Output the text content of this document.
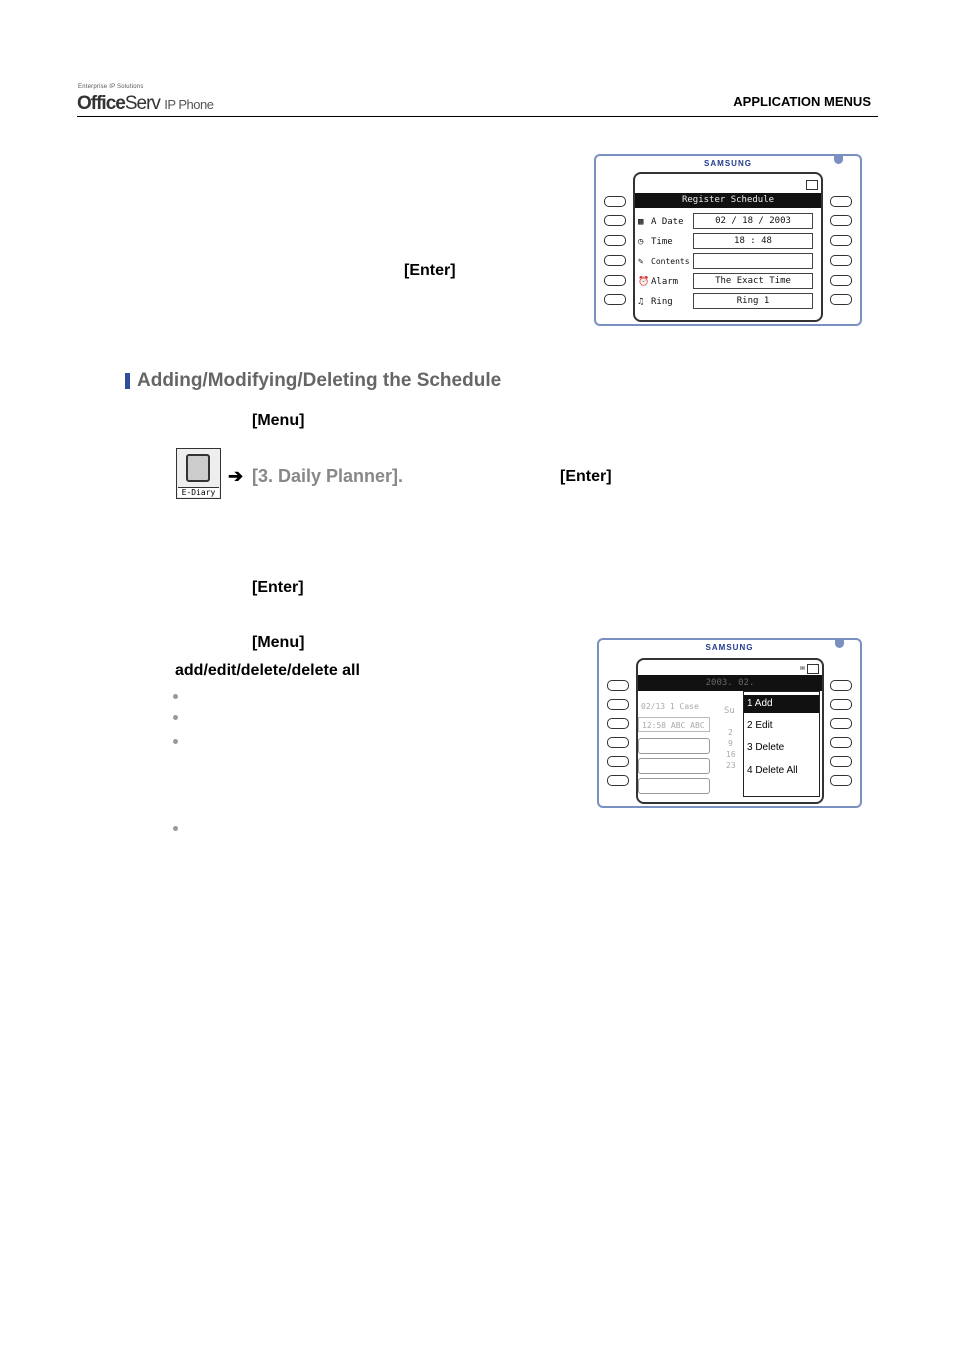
Enterprise IP Solutions
OfficeServ IP Phone	APPLICATION MENUS
[Enter]
SAMSUNG
Register Schedule
▩ A Date	02 / 18 / 2003
◷ Time	18 : 48
✎ Contents
⏰ Alarm	The Exact Time
♫ Ring	Ring 1
Adding/Modifying/Deleting the Schedule
[Menu]
E-Diary
➔ [3. Daily Planner].	[Enter]
[Enter]
[Menu]
add/edit/delete/delete all
SAMSUNG
✉
2003. 02.
02/13 1 Case
12:58 ABC ABC
Su
2
9
16
23
1 Add
2 Edit
3 Delete
4 Delete All
